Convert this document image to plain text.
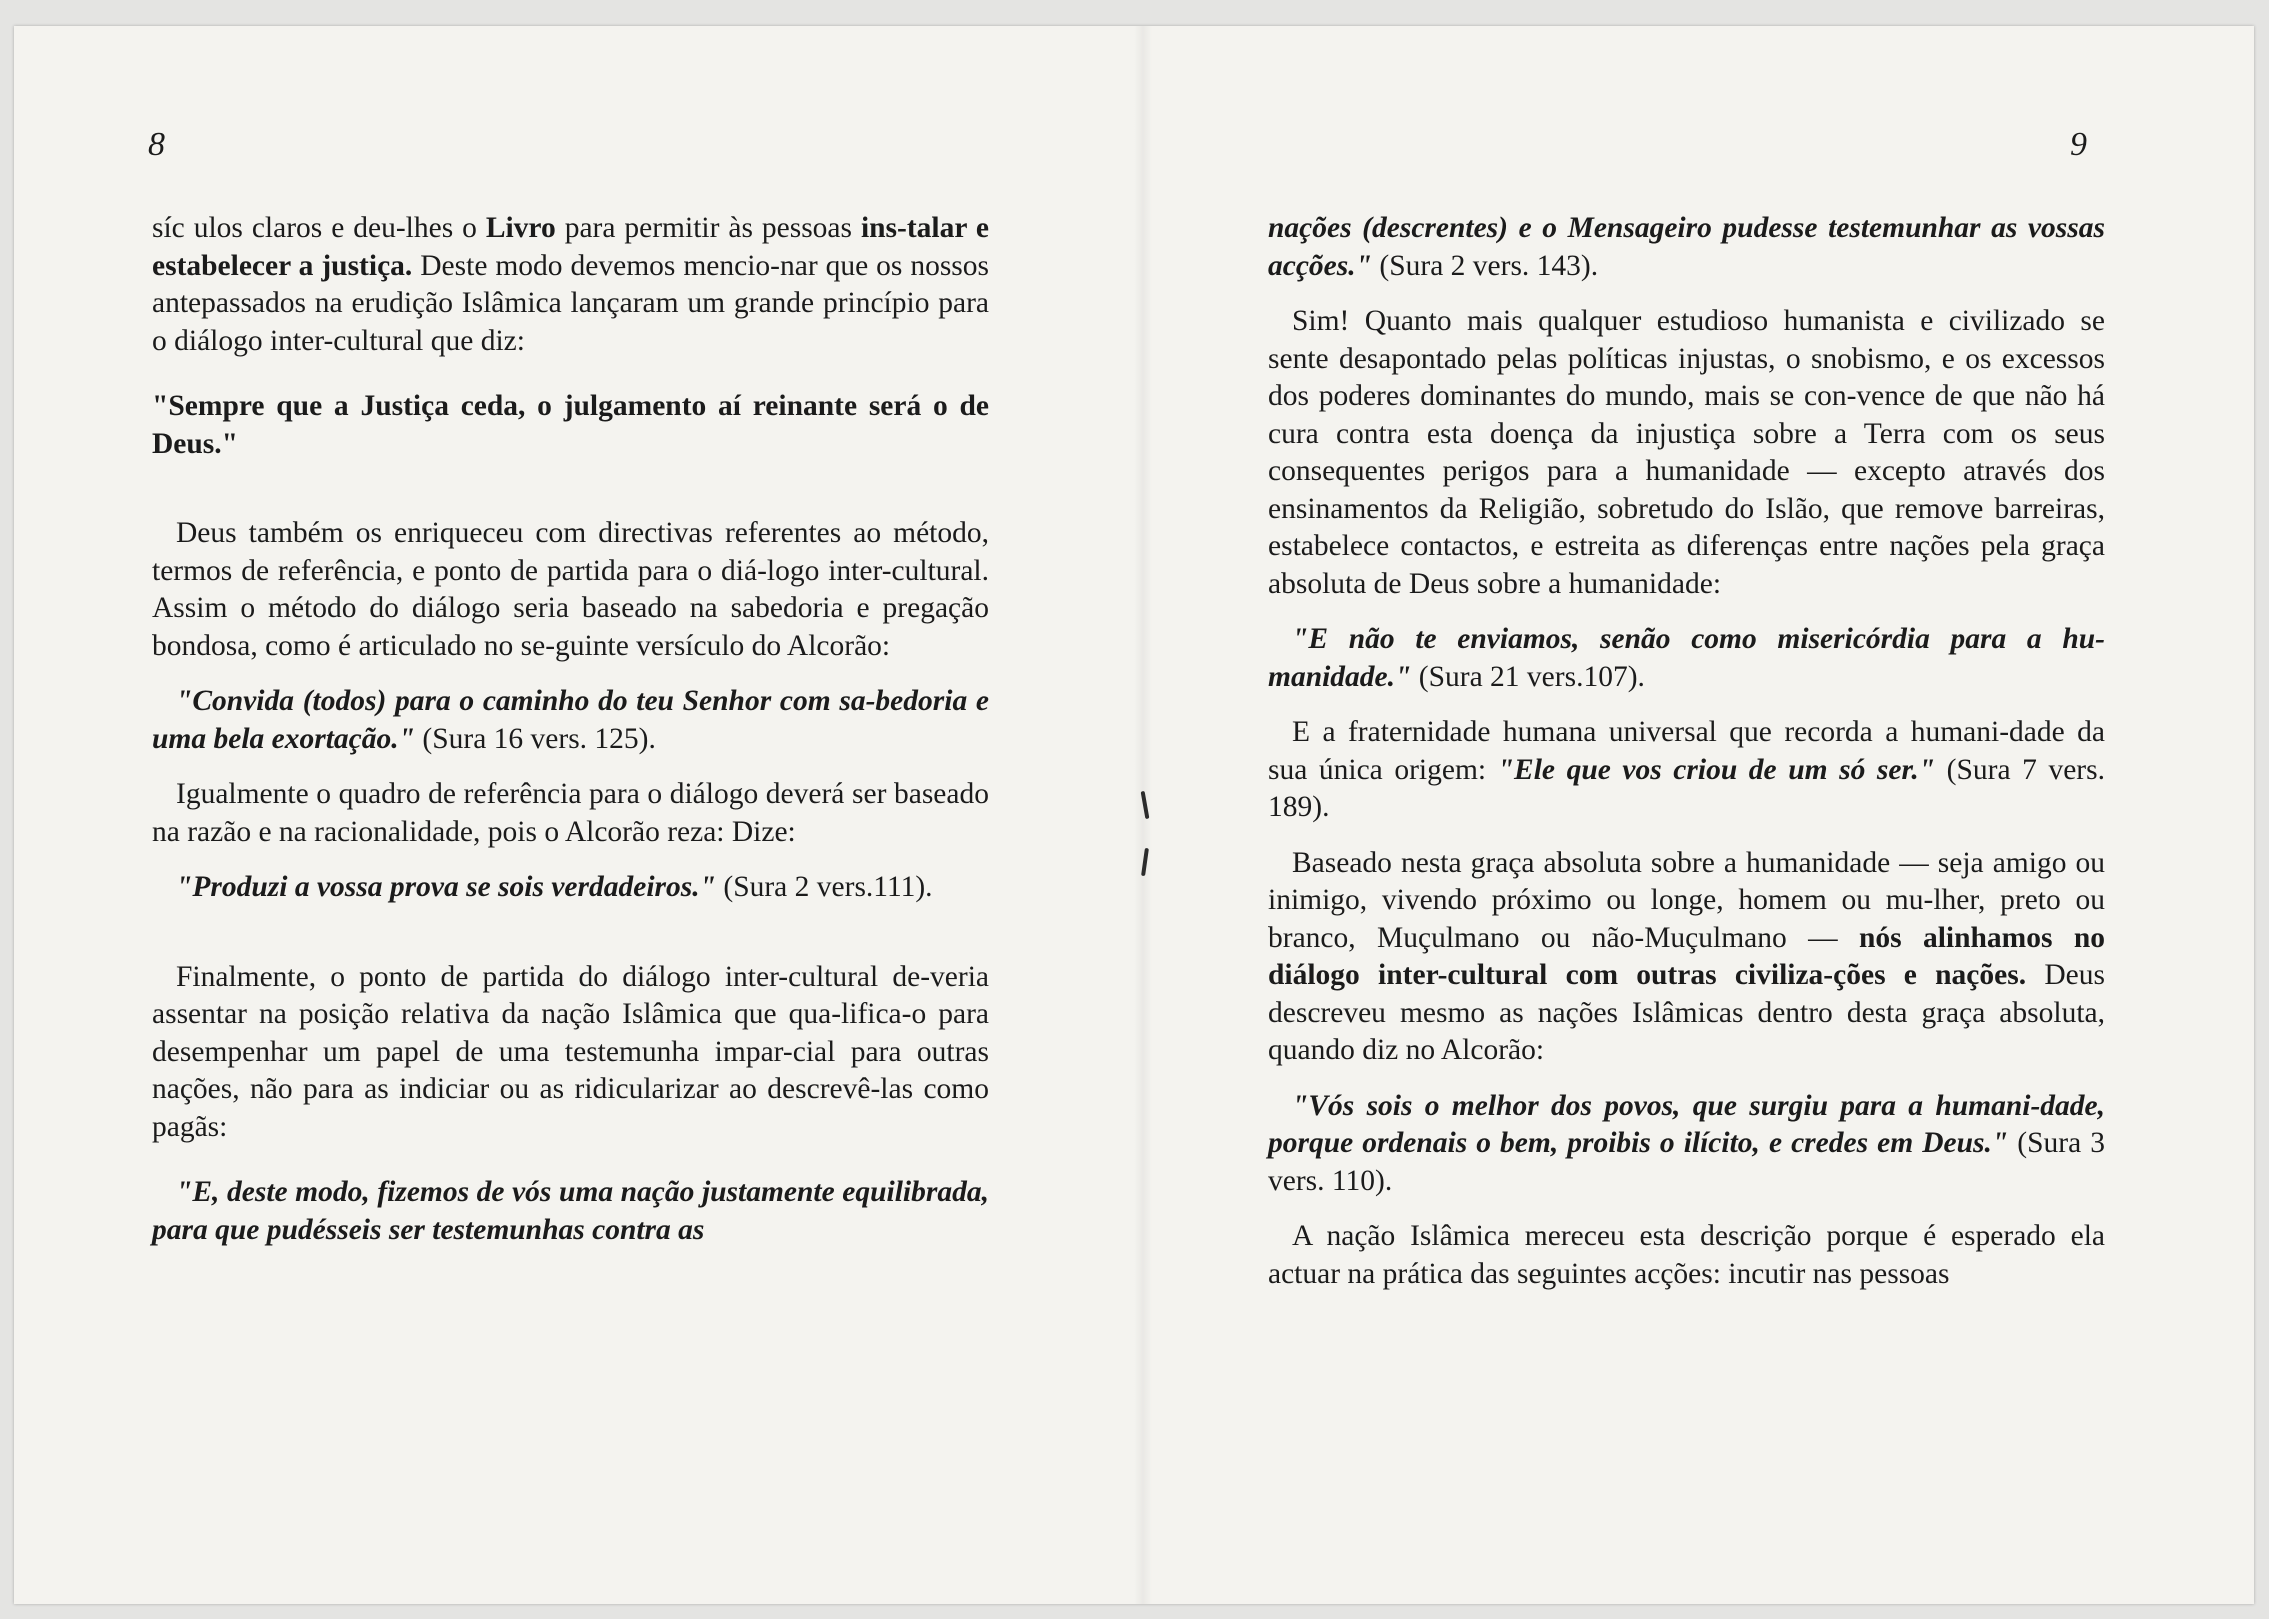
8	9

síc ulos claros e deu-lhes o Livro para permitir às pessoas ins-talar e estabelecer a justiça. Deste modo devemos mencio-nar que os nossos antepassados na erudição Islâmica lançaram um grande princípio para o diálogo inter-cultural que diz:

"Sempre que a Justiça ceda, o julgamento aí reinante será o de Deus."

Deus também os enriqueceu com directivas referentes ao método, termos de referência, e ponto de partida para o diá-logo inter-cultural. Assim o método do diálogo seria baseado na sabedoria e pregação bondosa, como é articulado no se-guinte versículo do Alcorão:

"Convida (todos) para o caminho do teu Senhor com sa-bedoria e uma bela exortação." (Sura 16 vers. 125).

Igualmente o quadro de referência para o diálogo deverá ser baseado na razão e na racionalidade, pois o Alcorão reza: Dize:

"Produzi a vossa prova se sois verdadeiros." (Sura 2 vers.111).

Finalmente, o ponto de partida do diálogo inter-cultural de-veria assentar na posição relativa da nação Islâmica que qua-lifica-o para desempenhar um papel de uma testemunha impar-cial para outras nações, não para as indiciar ou as ridicularizar ao descrevê-las como pagãs:

"E, deste modo, fizemos de vós uma nação justamente equilibrada, para que pudésseis ser testemunhas contra as

nações (descrentes) e o Mensageiro pudesse testemunhar as vossas acções." (Sura 2 vers. 143).

Sim! Quanto mais qualquer estudioso humanista e civilizado se sente desapontado pelas políticas injustas, o snobismo, e os excessos dos poderes dominantes do mundo, mais se con-vence de que não há cura contra esta doença da injustiça sobre a Terra com os seus consequentes perigos para a humanidade — excepto através dos ensinamentos da Religião, sobretudo do Islão, que remove barreiras, estabelece contactos, e estreita as diferenças entre nações pela graça absoluta de Deus sobre a humanidade:

"E não te enviamos, senão como misericórdia para a hu-manidade." (Sura 21 vers.107).

E a fraternidade humana universal que recorda a humani-dade da sua única origem: "Ele que vos criou de um só ser." (Sura 7 vers. 189).

Baseado nesta graça absoluta sobre a humanidade — seja amigo ou inimigo, vivendo próximo ou longe, homem ou mu-lher, preto ou branco, Muçulmano ou não-Muçulmano — nós alinhamos no diálogo inter-cultural com outras civiliza-ções e nações. Deus descreveu mesmo as nações Islâmicas dentro desta graça absoluta, quando diz no Alcorão:

"Vós sois o melhor dos povos, que surgiu para a humani-dade, porque ordenais o bem, proibis o ilícito, e credes em Deus." (Sura 3 vers. 110).

A nação Islâmica mereceu esta descrição porque é esperado ela actuar na prática das seguintes acções: incutir nas pessoas
